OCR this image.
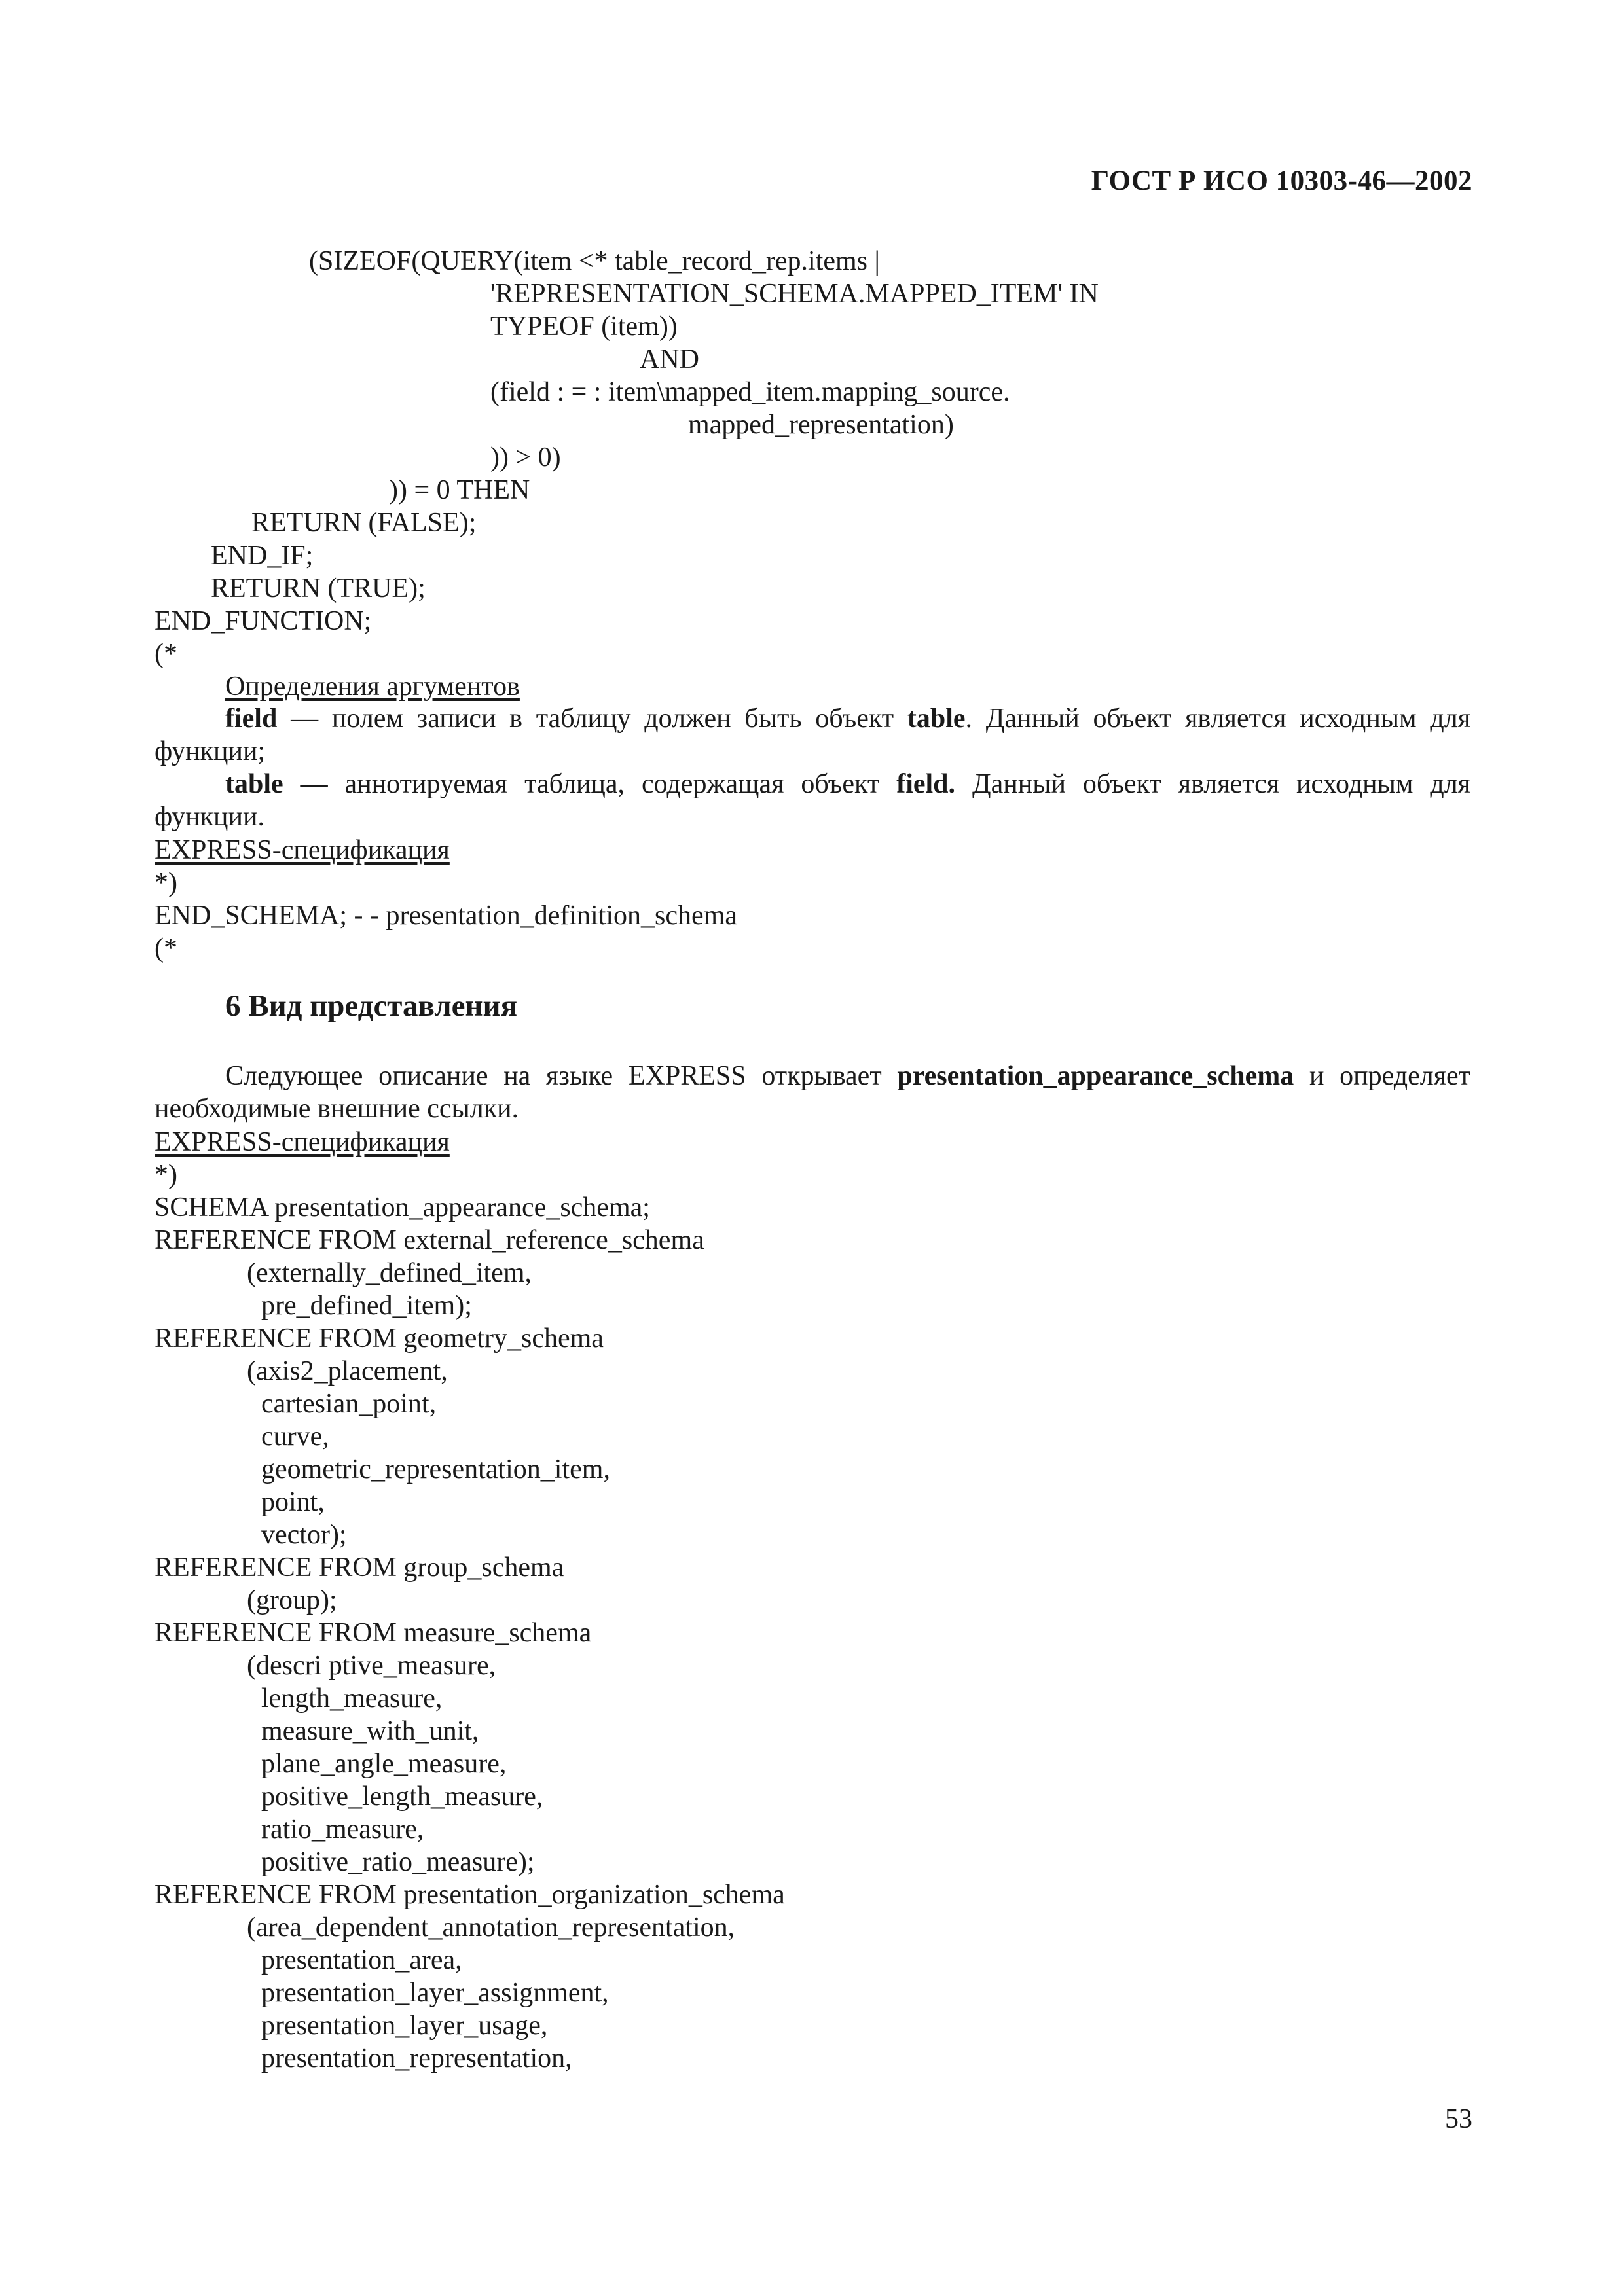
ГОСТ Р ИСО 10303-46—2002
(SIZEOF(QUERY(item <* table_record_rep.items |
'REPRESENTATION_SCHEMA.MAPPED_ITEM' IN
TYPEOF (item))
AND
(field : = : item\mapped_item.mapping_source.
mapped_representation)
)) > 0)
)) = 0 THEN
RETURN (FALSE);
END_IF;
RETURN (TRUE);
END_FUNCTION;
(*
Определения аргументов
field — полем записи в таблицу должен быть объект table. Данный объект является исходным для функции;
table — аннотируемая таблица, содержащая объект field. Данный объект является исходным для функции.
EXPRESS-спецификация
*)
END_SCHEMA; - - presentation_definition_schema
(*
6 Вид представления
Следующее описание на языке EXPRESS открывает presentation_appearance_schema и определяет необходимые внешние ссылки.
EXPRESS-спецификация
*)
SCHEMA presentation_appearance_schema;
REFERENCE FROM external_reference_schema
(externally_defined_item,
pre_defined_item);
REFERENCE FROM geometry_schema
(axis2_placement,
cartesian_point,
curve,
geometric_representation_item,
point,
vector);
REFERENCE FROM group_schema
(group);
REFERENCE FROM measure_schema
(descri ptive_measure,
length_measure,
measure_with_unit,
plane_angle_measure,
positive_length_measure,
ratio_measure,
positive_ratio_measure);
REFERENCE FROM presentation_organization_schema
(area_dependent_annotation_representation,
presentation_area,
presentation_layer_assignment,
presentation_layer_usage,
presentation_representation,
53
